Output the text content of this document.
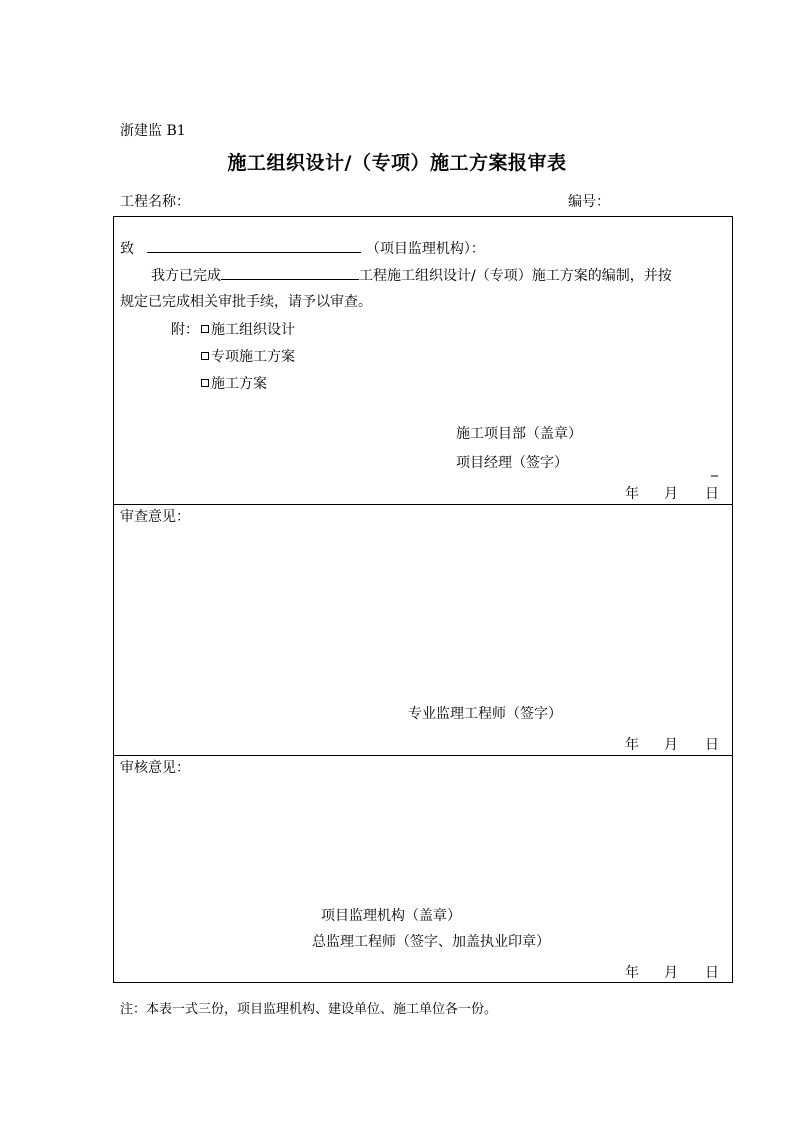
浙建监 B1
施工组织设计/（专项）施工方案报审表
工程名称：	编号：
致	（项目监理机构）：
我方已完成	工程施工组织设计/（专项）施工方案的编制，并按
规定已完成相关审批手续，请予以审查。
附： 施工组织设计
专项施工方案
施工方案
施工项目部（盖章）
项目经理（签字）	_
年 月 日
审查意见：
专业监理工程师（签字）
年 月 日
审核意见：
项目监理机构（盖章）
总监理工程师（签字、加盖执业印章）
年 月 日
注：本表一式三份，项目监理机构、建设单位、施工单位各一份。
